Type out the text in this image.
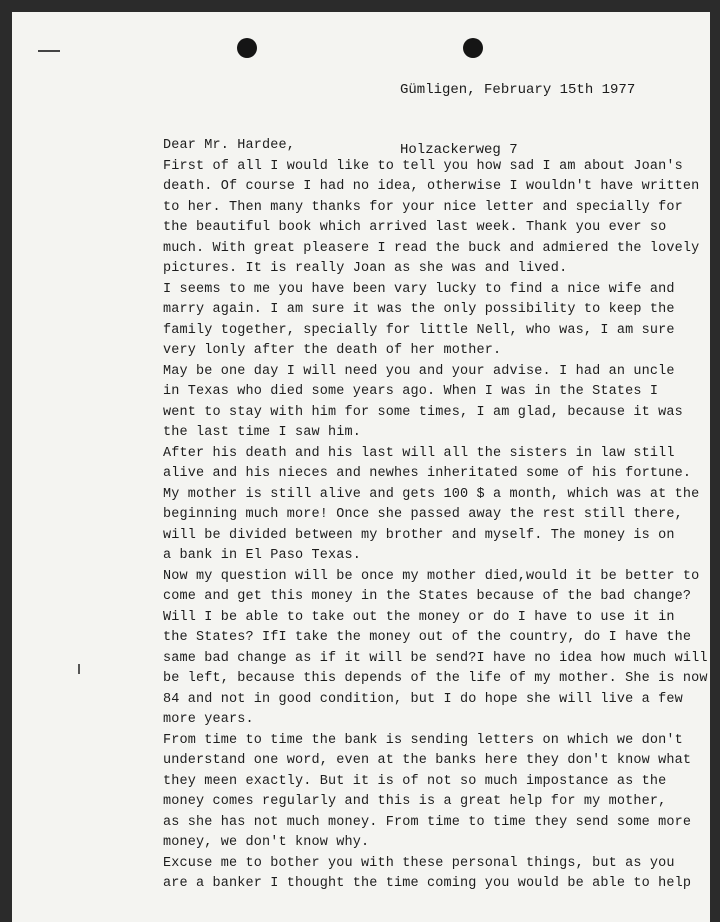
Gümligen, February 15th 1977

Holzackerweg 7

Dear Mr. Hardee,
First of all I would like to tell you how sad I am about Joan's
death. Of course I had no idea, otherwise I wouldn't have written
to her. Then many thanks for your nice letter and specially for
the beautiful book which arrived last week. Thank you ever so
much. With great pleasere I read the buck and admiered the lovely
pictures. It is really Joan as she was and lived.
I seems to me you have been vary lucky to find a nice wife and
marry again. I am sure it was the only possibility to keep the
family together, specially for little Nell, who was, I am sure
very lonly after the death of her mother.
May be one day I will need you and your advise. I had an uncle
in Texas who died some years ago. When I was in the States I
went to stay with him for some times, I am glad, because it was
the last time I saw him.
After his death and his last will all the sisters in law still
alive and his nieces and newhes inheritated some of his fortune.
My mother is still alive and gets 100 $ a month, which was at the
beginning much more! Once she passed away the rest still there,
will be divided between my brother and myself. The money is on
a bank in El Paso Texas.
Now my question will be once my mother died,would it be better to
come and get this money in the States because of the bad change?
Will I be able to take out the money or do I have to use it in
the States? IfI take the money out of the country, do I have the
same bad change as if it will be send?I have no idea how much will
be left, because this depends of the life of my mother. She is now
84 and not in good condition, but I do hope she will live a few
more years.
From time to time the bank is sending letters on which we don't
understand one word, even at the banks here they don't know what
they meen exactly. But it is of not so much impostance as the
money comes regularly and this is a great help for my mother,
as she has not much money. From time to time they send some more
money, we don't know why.
Excuse me to bother you with these personal things, but as you
are a banker I thought the time coming you would be able to help
